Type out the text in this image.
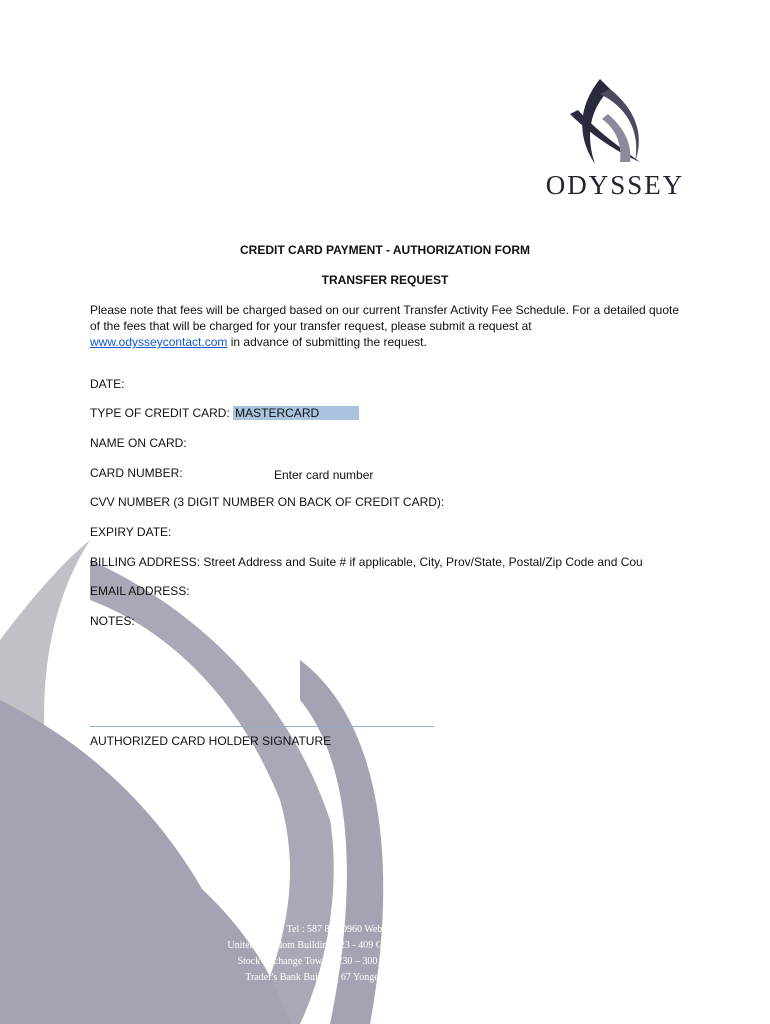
ODYSSEY
CREDIT CARD PAYMENT - AUTHORIZATION FORM
TRANSFER REQUEST
Please note that fees will be charged based on our current Transfer Activity Fee Schedule. For a detailed quote of the fees that will be charged for your transfer request, please submit a request at
www.odysseycontact.com in advance of submitting the request.
DATE:
TYPE OF CREDIT CARD: MASTERCARD
NAME ON CARD:
CARD NUMBER:	Enter card number
CVV NUMBER (3 DIGIT NUMBER ON BACK OF CREDIT CARD):
EXPIRY DATE:
BILLING ADDRESS: Street Address and Suite # if applicable, City, Prov/State, Postal/Zip Code and Cou
EMAIL ADDRESS:
NOTES:
AUTHORIZED CARD HOLDER SIGNATURE
Tel : 587 883 0960 Web : www.odysseytrust.com
United Kingdom Building 323 - 409 Granville Street Vancouver BC, V6C 1T2
Stock Exchange Tower 1230 – 300 5th Avenue SW Calgary AB, T2P 3C4
Trader's Bank Building 67 Yonge St, Suite 702 Toronto, ON M5E 1J8
